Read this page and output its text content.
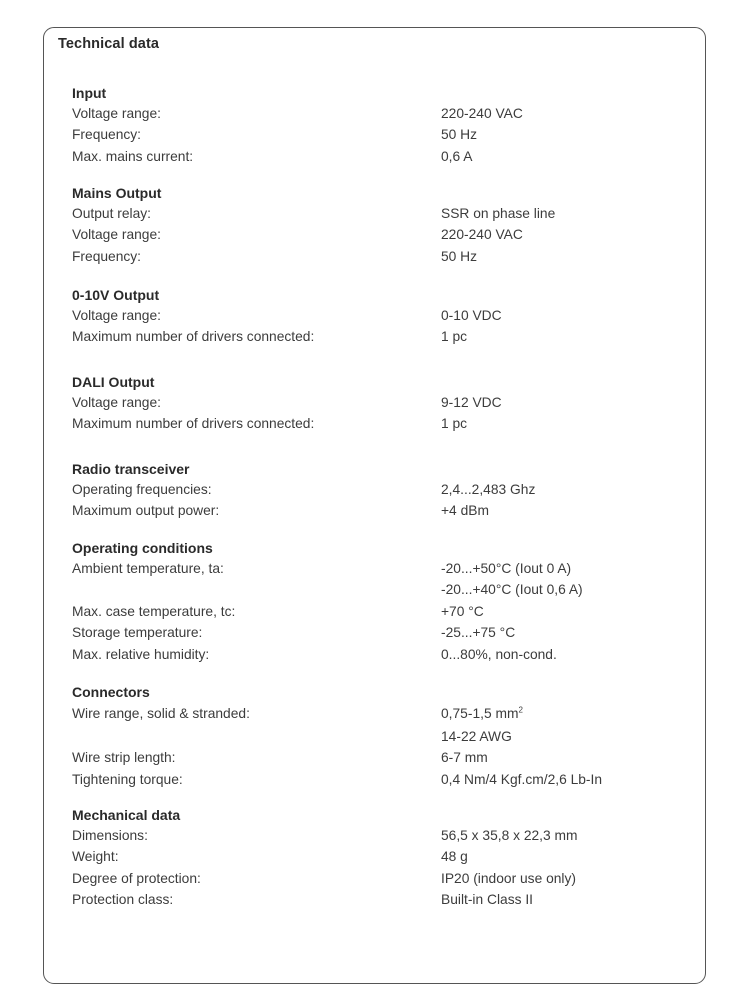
Technical data
Input
Voltage range:	220-240 VAC
Frequency:	50 Hz
Max. mains current:	0,6 A
Mains Output
Output relay:	SSR on phase line
Voltage range:	220-240 VAC
Frequency:	50 Hz
0-10V Output
Voltage range:	0-10 VDC
Maximum number of drivers connected:	1 pc
DALI Output
Voltage range:	9-12 VDC
Maximum number of drivers connected:	1 pc
Radio transceiver
Operating frequencies:	2,4...2,483 Ghz
Maximum output power:	+4 dBm
Operating conditions
Ambient temperature, ta:	-20...+50°C (Iout 0 A)
-20...+40°C (Iout 0,6 A)
Max. case temperature, tc:	+70 °C
Storage temperature:	-25...+75 °C
Max. relative humidity:	0...80%, non-cond.
Connectors
Wire range, solid & stranded:	0,75-1,5 $mm^2$
14-22 AWG
Wire strip length:	6-7 mm
Tightening torque:	0,4 Nm/4 Kgf.cm/2,6 Lb-In
Mechanical data
Dimensions:	56,5 x 35,8 x 22,3 mm
Weight:	48 g
Degree of protection:	IP20 (indoor use only)
Protection class:	Built-in Class II
